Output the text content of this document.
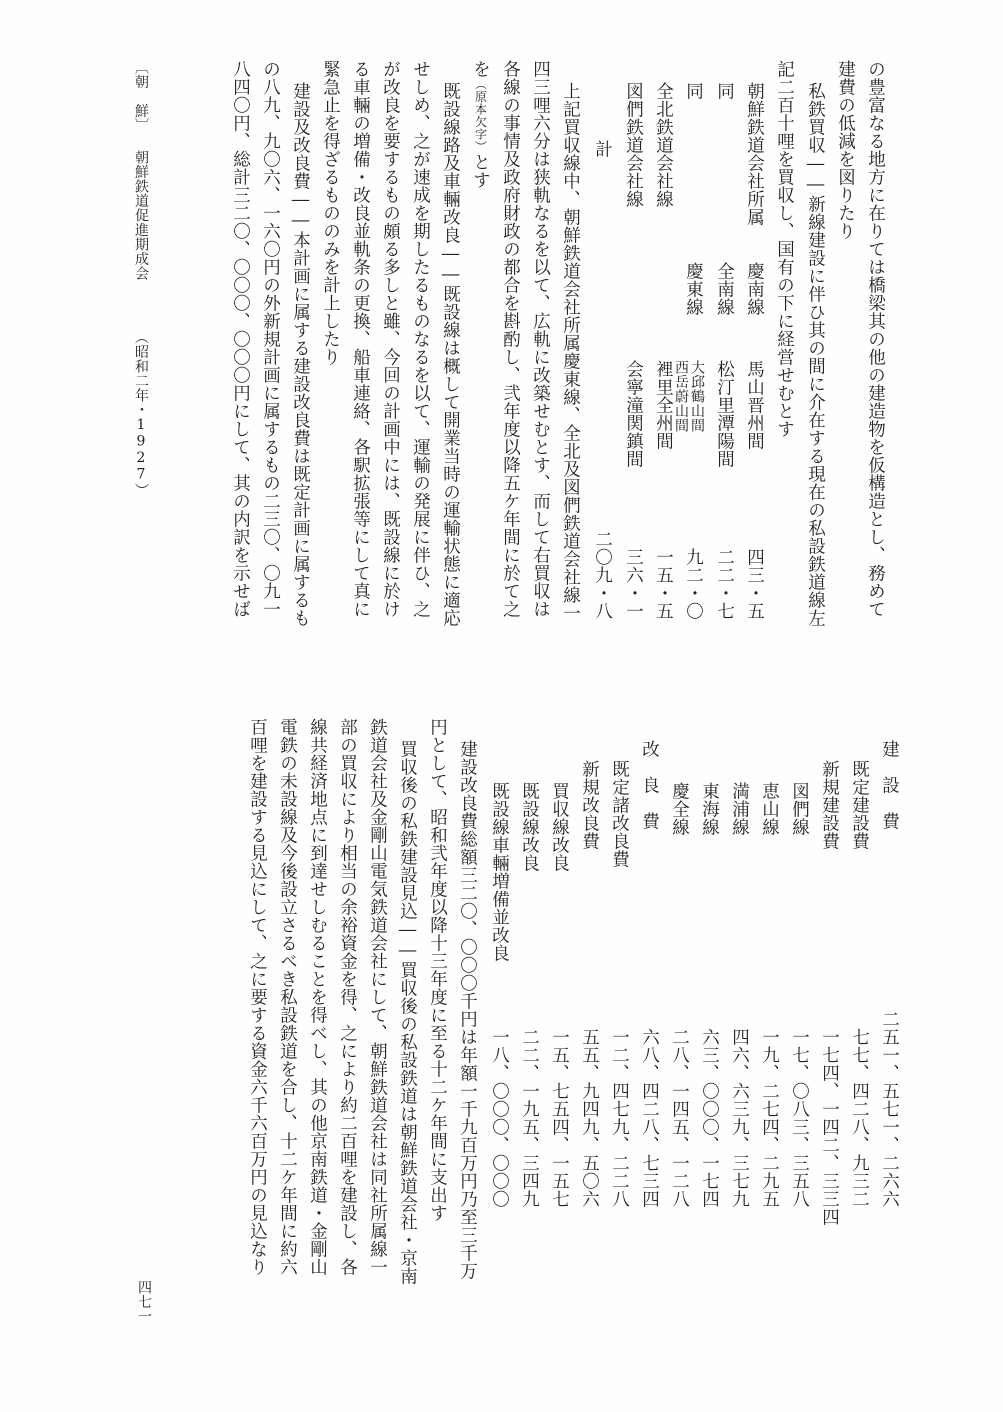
の豊富なる地方に在りては橋梁其の他の建造物を仮構造とし、務めて
建費の低減を図りたり
私鉄買収――新線建設に伴ひ其の間に介在する現在の私設鉄道線左
記二百十哩を買収し、国有の下に経営せむとす
朝鮮鉄道会社所属
慶南線
馬山晋州間
四三・五
同
全南線
松汀里潭陽間
二二・七
同
慶東線
大邱鶴山間
西岳蔚山間
九二・〇
全北鉄道会社線
裡里全州間
一五・五
図們鉄道会社線
会寧潼関鎮間
三六・一
計
二〇九・八
上記買収線中、朝鮮鉄道会社所属慶東線、全北及図們鉄道会社線一
四三哩六分は狭軌なるを以て、広軌に改築せむとす、而して右買収は
各線の事情及政府財政の都合を斟酌し、弐年度以降五ケ年間に於て之
を（原本欠字）とす
既設線路及車輛改良――既設線は概して開業当時の運輸状態に適応
せしめ、之が速成を期したるものなるを以て、運輸の発展に伴ひ、之
が改良を要するもの頗る多しと雖、今回の計画中には、既設線に於け
る車輛の増備・改良並軌条の更換、船車連絡、各駅拡張等にして真に
緊急止を得ざるもののみを計上したり
建設及改良費――本計画に属する建設改良費は既定計画に属するも
の八九、九〇六、一六〇円の外新規計画に属するもの二三〇、〇九一
八四〇円、総計三二〇、〇〇〇、〇〇〇円にして、其の内訳を示せば
〔朝　鮮〕
朝鮮鉄道促進期成会
（昭和二年・1927）
建　設　費
二五一、五七一、二六六
既定建設費
七七、四二八、九三二
新規建設費
一七四、一四二、三三四
図們線
一七、〇八三、三五八
恵山線
一九、二七四、二九五
満浦線
四六、六三九、三七九
東海線
六三、〇〇〇、一七四
慶全線
二八、一四五、一二八
改　良　費
六八、四二八、七三四
既定諸改良費
一二、四七九、二二八
新規改良費
五五、九四九、五〇六
買収線改良
一五、七五四、一五七
既設線改良
二二、一九五、三四九
既設線車輛増備並改良
一八、〇〇〇、〇〇〇
建設改良費総額三二〇、〇〇〇千円は年額一千九百万円乃至三千万
円として、昭和弐年度以降十三年度に至る十二ケ年間に支出す
買収後の私鉄建設見込――買収後の私設鉄道は朝鮮鉄道会社・京南
鉄道会社及金剛山電気鉄道会社にして、朝鮮鉄道会社は同社所属線一
部の買収により相当の余裕資金を得、之により約二百哩を建設し、各
線共経済地点に到達せしむることを得べし、其の他京南鉄道・金剛山
電鉄の未設線及今後設立さるべき私設鉄道を合し、十二ケ年間に約六
百哩を建設する見込にして、之に要する資金六千六百万円の見込なり
四七一
